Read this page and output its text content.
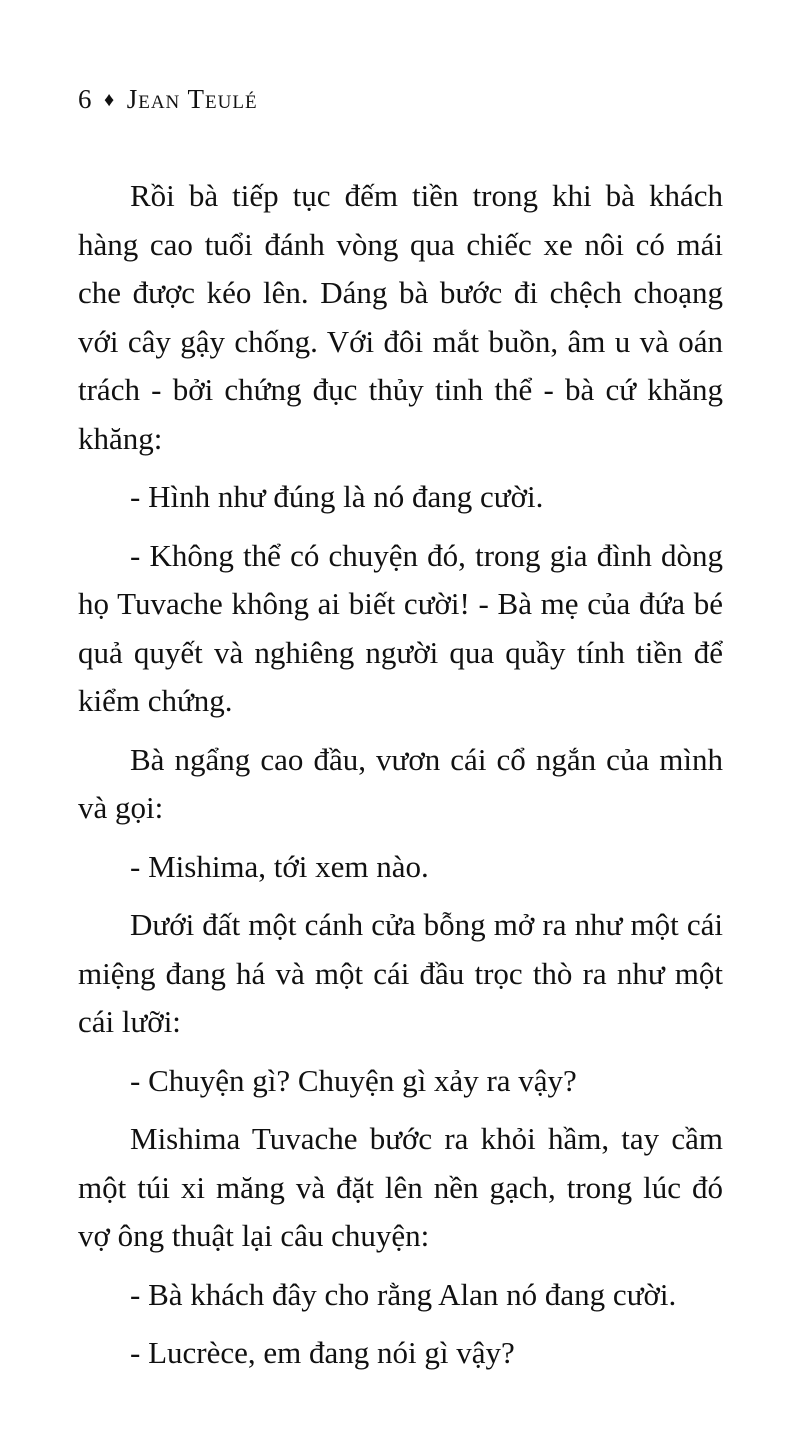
6 ♦ Jean Teulé

Rồi bà tiếp tục đếm tiền trong khi bà khách hàng cao tuổi đánh vòng qua chiếc xe nôi có mái che được kéo lên. Dáng bà bước đi chệch choạng với cây gậy chống. Với đôi mắt buồn, âm u và oán trách - bởi chứng đục thủy tinh thể - bà cứ khăng khăng:

- Hình như đúng là nó đang cười.

- Không thể có chuyện đó, trong gia đình dòng họ Tuvache không ai biết cười! - Bà mẹ của đứa bé quả quyết và nghiêng người qua quầy tính tiền để kiểm chứng.

Bà ngẩng cao đầu, vươn cái cổ ngắn của mình và gọi:

- Mishima, tới xem nào.

Dưới đất một cánh cửa bỗng mở ra như một cái miệng đang há và một cái đầu trọc thò ra như một cái lưỡi:

- Chuyện gì? Chuyện gì xảy ra vậy?

Mishima Tuvache bước ra khỏi hầm, tay cầm một túi xi măng và đặt lên nền gạch, trong lúc đó vợ ông thuật lại câu chuyện:

- Bà khách đây cho rằng Alan nó đang cười.

- Lucrèce, em đang nói gì vậy?
